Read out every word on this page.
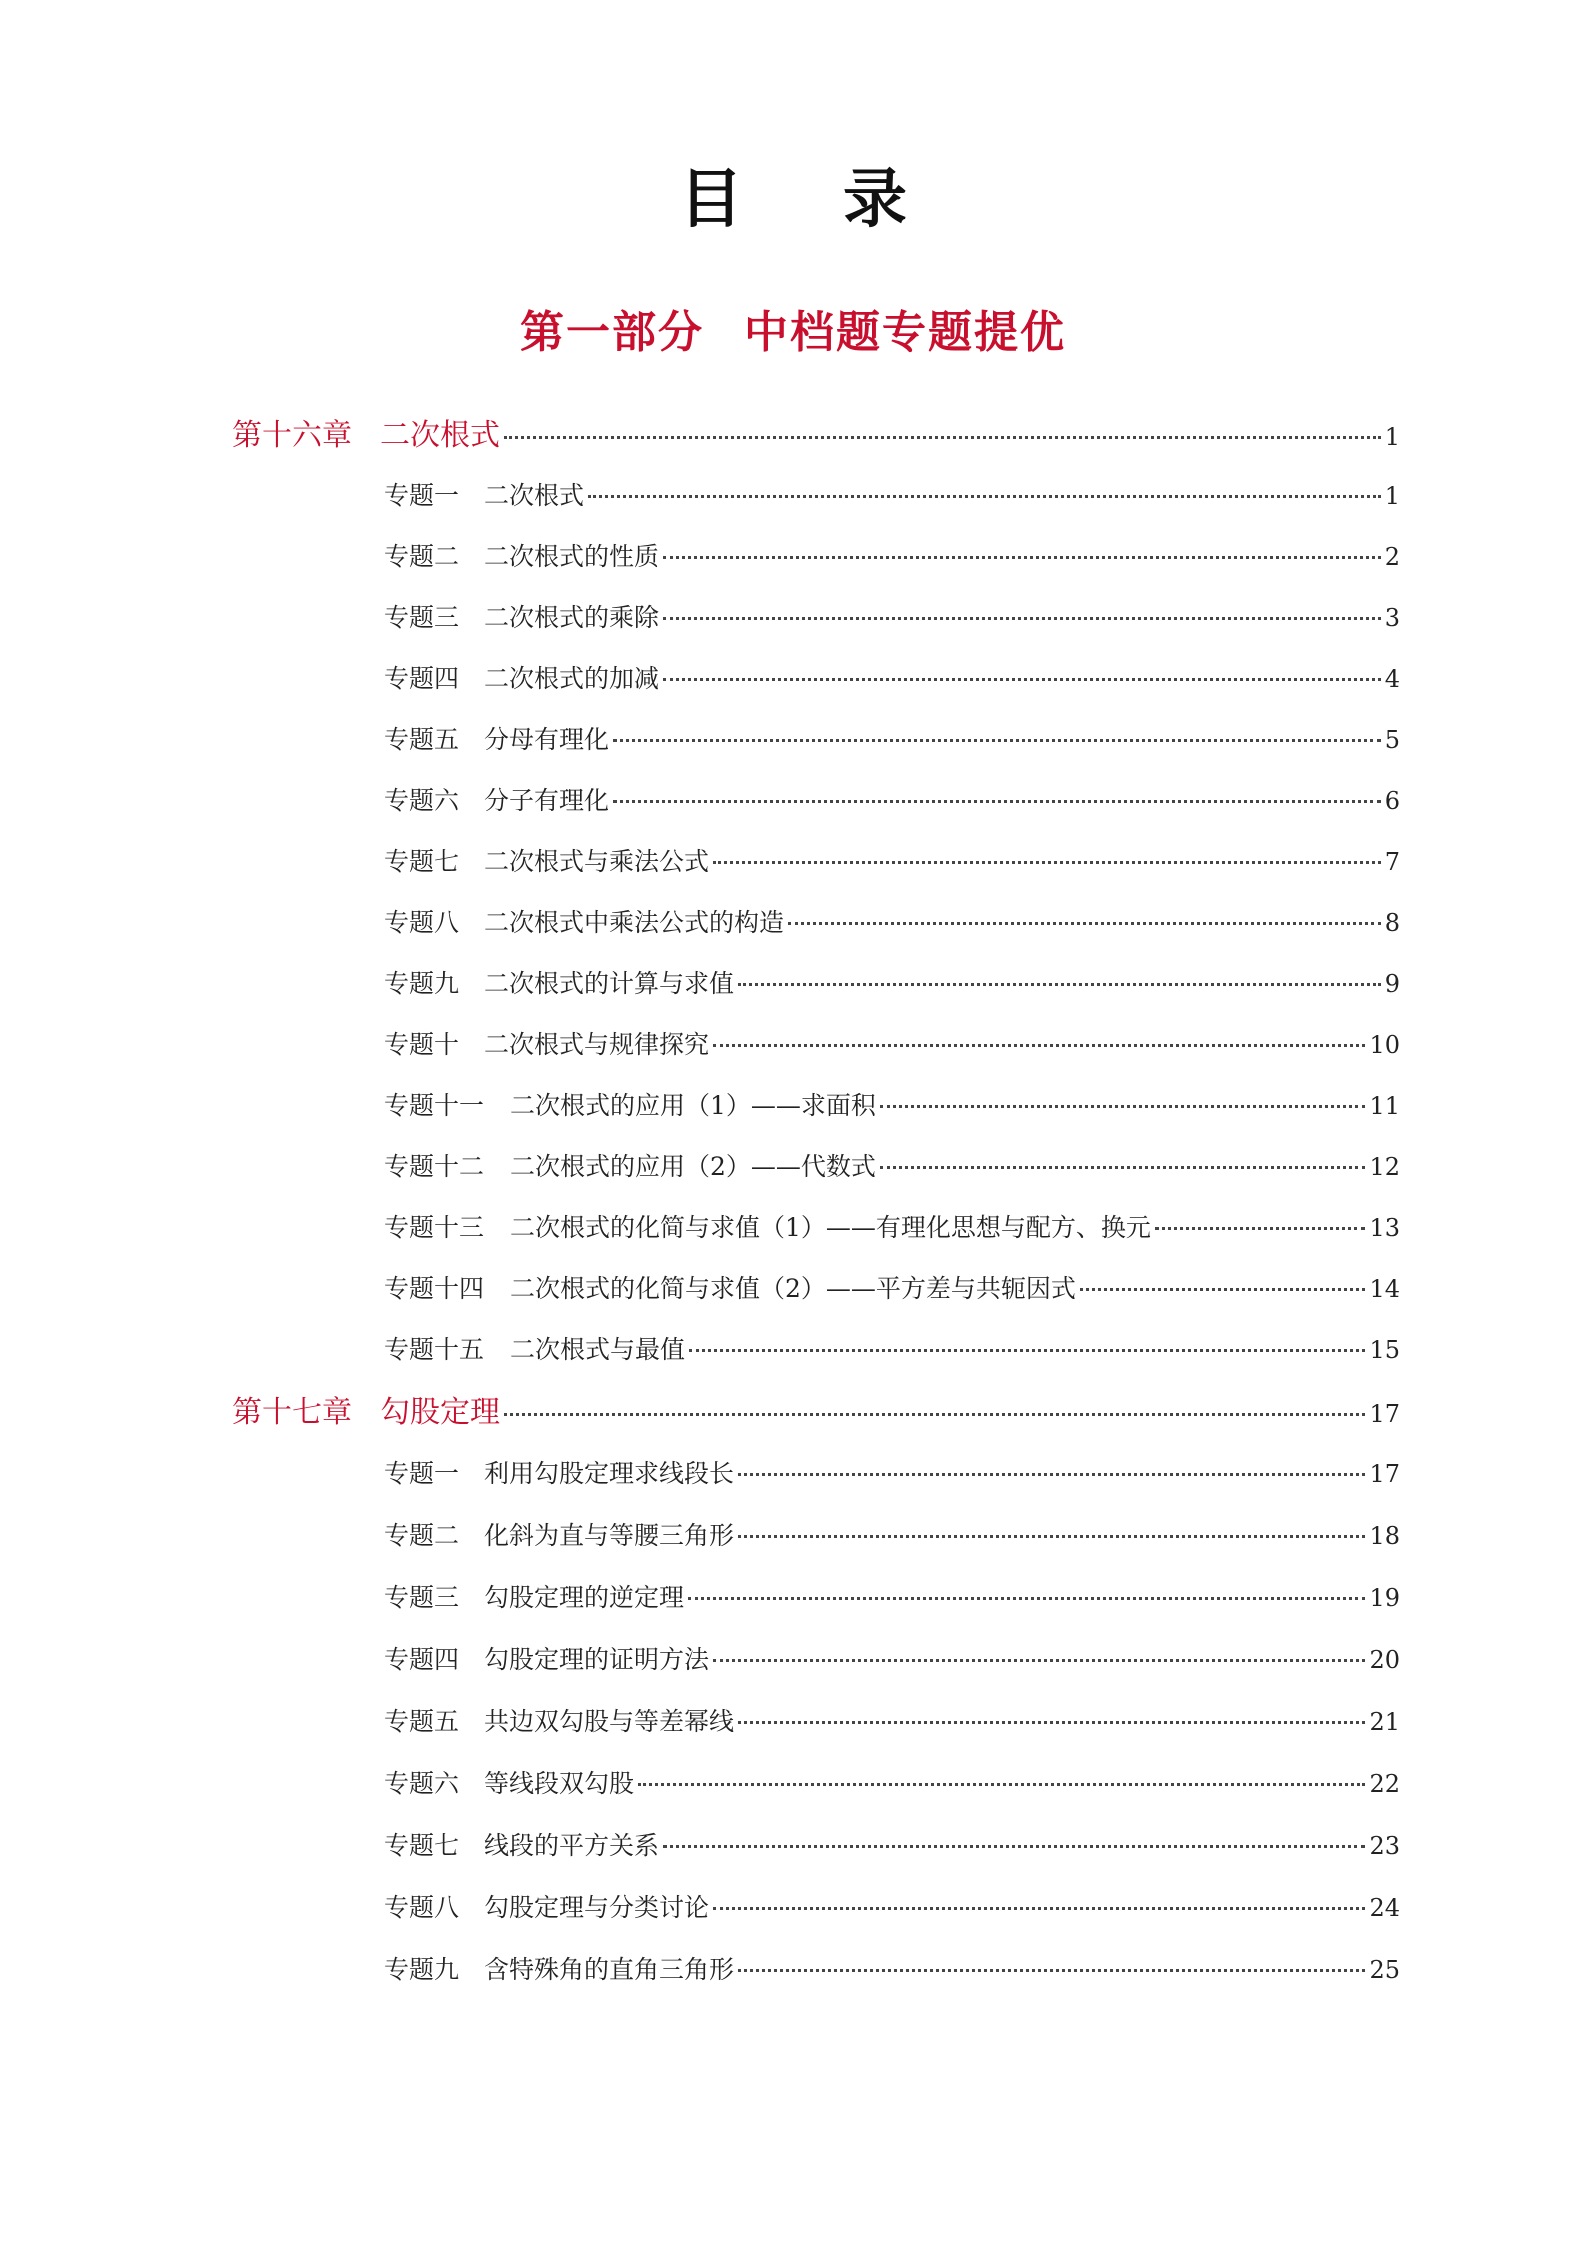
目录
第一部分 中档题专题提优
第十六章 二次根式	1
专题一 二次根式	1
专题二 二次根式的性质	2
专题三 二次根式的乘除	3
专题四 二次根式的加减	4
专题五 分母有理化	5
专题六 分子有理化	6
专题七 二次根式与乘法公式	7
专题八 二次根式中乘法公式的构造	8
专题九 二次根式的计算与求值	9
专题十 二次根式与规律探究	10
专题十一	二次根式的应用（1）——求面积	11
专题十二	二次根式的应用（2）——代数式	12
专题十三	二次根式的化简与求值（1）——有理化思想与配方、换元	13
专题十四	二次根式的化简与求值（2）——平方差与共轭因式	14
专题十五	二次根式与最值	15
第十七章 勾股定理	17
专题一 利用勾股定理求线段长	17
专题二 化斜为直与等腰三角形	18
专题三 勾股定理的逆定理	19
专题四 勾股定理的证明方法	20
专题五 共边双勾股与等差幂线	21
专题六 等线段双勾股	22
专题七 线段的平方关系	23
专题八 勾股定理与分类讨论	24
专题九 含特殊角的直角三角形	25
